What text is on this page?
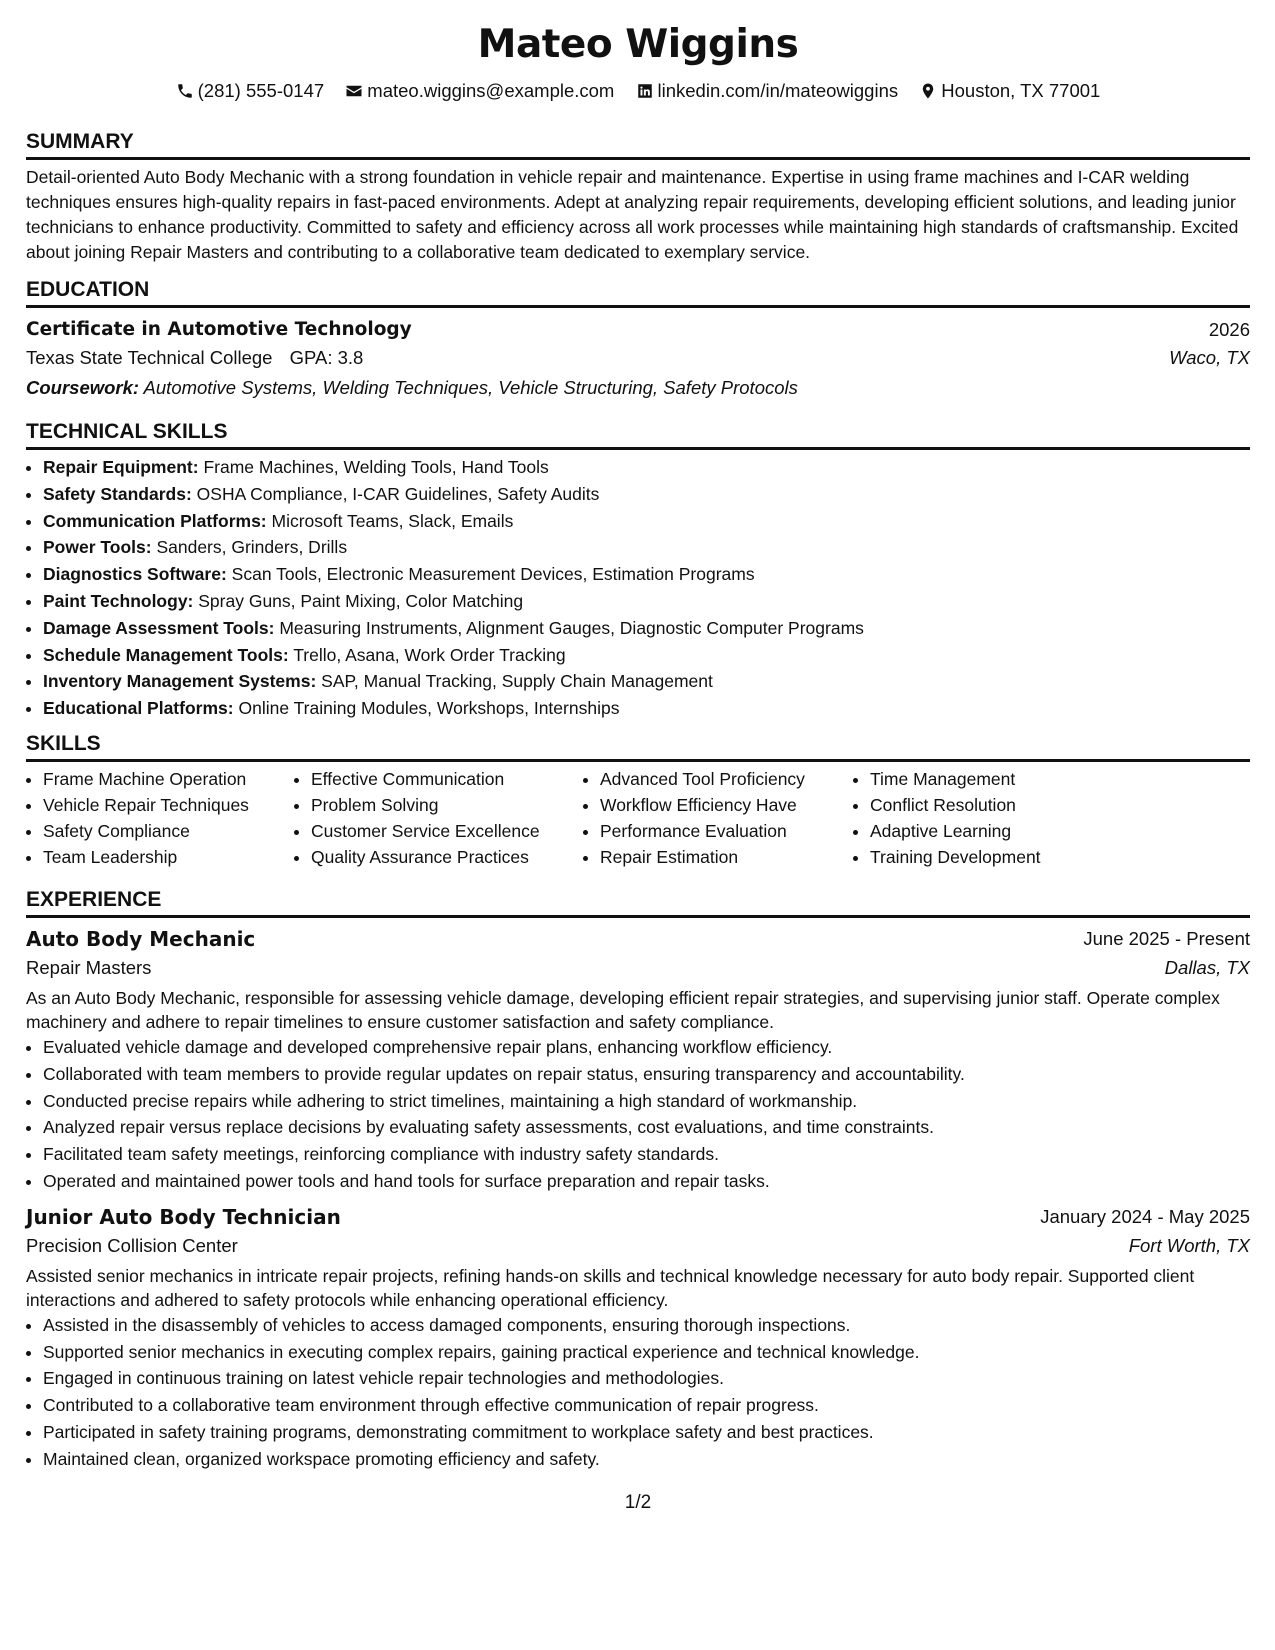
Mateo Wiggins
(281) 555-0147
mateo.wiggins@example.com
linkedin.com/in/mateowiggins
Houston, TX 77001
SUMMARY
Detail-oriented Auto Body Mechanic with a strong foundation in vehicle repair and maintenance. Expertise in using frame machines and I-CAR welding techniques ensures high-quality repairs in fast-paced environments. Adept at analyzing repair requirements, developing efficient solutions, and leading junior technicians to enhance productivity. Committed to safety and efficiency across all work processes while maintaining high standards of craftsmanship. Excited about joining Repair Masters and contributing to a collaborative team dedicated to exemplary service.
EDUCATION
Certificate in Automotive Technology	2026
Texas State Technical College GPA: 3.8	Waco, TX
Coursework: Automotive Systems, Welding Techniques, Vehicle Structuring, Safety Protocols
TECHNICAL SKILLS
• Repair Equipment: Frame Machines, Welding Tools, Hand Tools
• Safety Standards: OSHA Compliance, I-CAR Guidelines, Safety Audits
• Communication Platforms: Microsoft Teams, Slack, Emails
• Power Tools: Sanders, Grinders, Drills
• Diagnostics Software: Scan Tools, Electronic Measurement Devices, Estimation Programs
• Paint Technology: Spray Guns, Paint Mixing, Color Matching
• Damage Assessment Tools: Measuring Instruments, Alignment Gauges, Diagnostic Computer Programs
• Schedule Management Tools: Trello, Asana, Work Order Tracking
• Inventory Management Systems: SAP, Manual Tracking, Supply Chain Management
• Educational Platforms: Online Training Modules, Workshops, Internships
SKILLS
• Frame Machine Operation
• Vehicle Repair Techniques
• Safety Compliance
• Team Leadership
• Effective Communication
• Problem Solving
• Customer Service Excellence
• Quality Assurance Practices
• Advanced Tool Proficiency
• Workflow Efficiency Have
• Performance Evaluation
• Repair Estimation
• Time Management
• Conflict Resolution
• Adaptive Learning
• Training Development
EXPERIENCE
Auto Body Mechanic	June 2025 - Present
Repair Masters	Dallas, TX
As an Auto Body Mechanic, responsible for assessing vehicle damage, developing efficient repair strategies, and supervising junior staff. Operate complex machinery and adhere to repair timelines to ensure customer satisfaction and safety compliance.
• Evaluated vehicle damage and developed comprehensive repair plans, enhancing workflow efficiency.
• Collaborated with team members to provide regular updates on repair status, ensuring transparency and accountability.
• Conducted precise repairs while adhering to strict timelines, maintaining a high standard of workmanship.
• Analyzed repair versus replace decisions by evaluating safety assessments, cost evaluations, and time constraints.
• Facilitated team safety meetings, reinforcing compliance with industry safety standards.
• Operated and maintained power tools and hand tools for surface preparation and repair tasks.
Junior Auto Body Technician	January 2024 - May 2025
Precision Collision Center	Fort Worth, TX
Assisted senior mechanics in intricate repair projects, refining hands-on skills and technical knowledge necessary for auto body repair. Supported client interactions and adhered to safety protocols while enhancing operational efficiency.
• Assisted in the disassembly of vehicles to access damaged components, ensuring thorough inspections.
• Supported senior mechanics in executing complex repairs, gaining practical experience and technical knowledge.
• Engaged in continuous training on latest vehicle repair technologies and methodologies.
• Contributed to a collaborative team environment through effective communication of repair progress.
• Participated in safety training programs, demonstrating commitment to workplace safety and best practices.
• Maintained clean, organized workspace promoting efficiency and safety.
1/2
